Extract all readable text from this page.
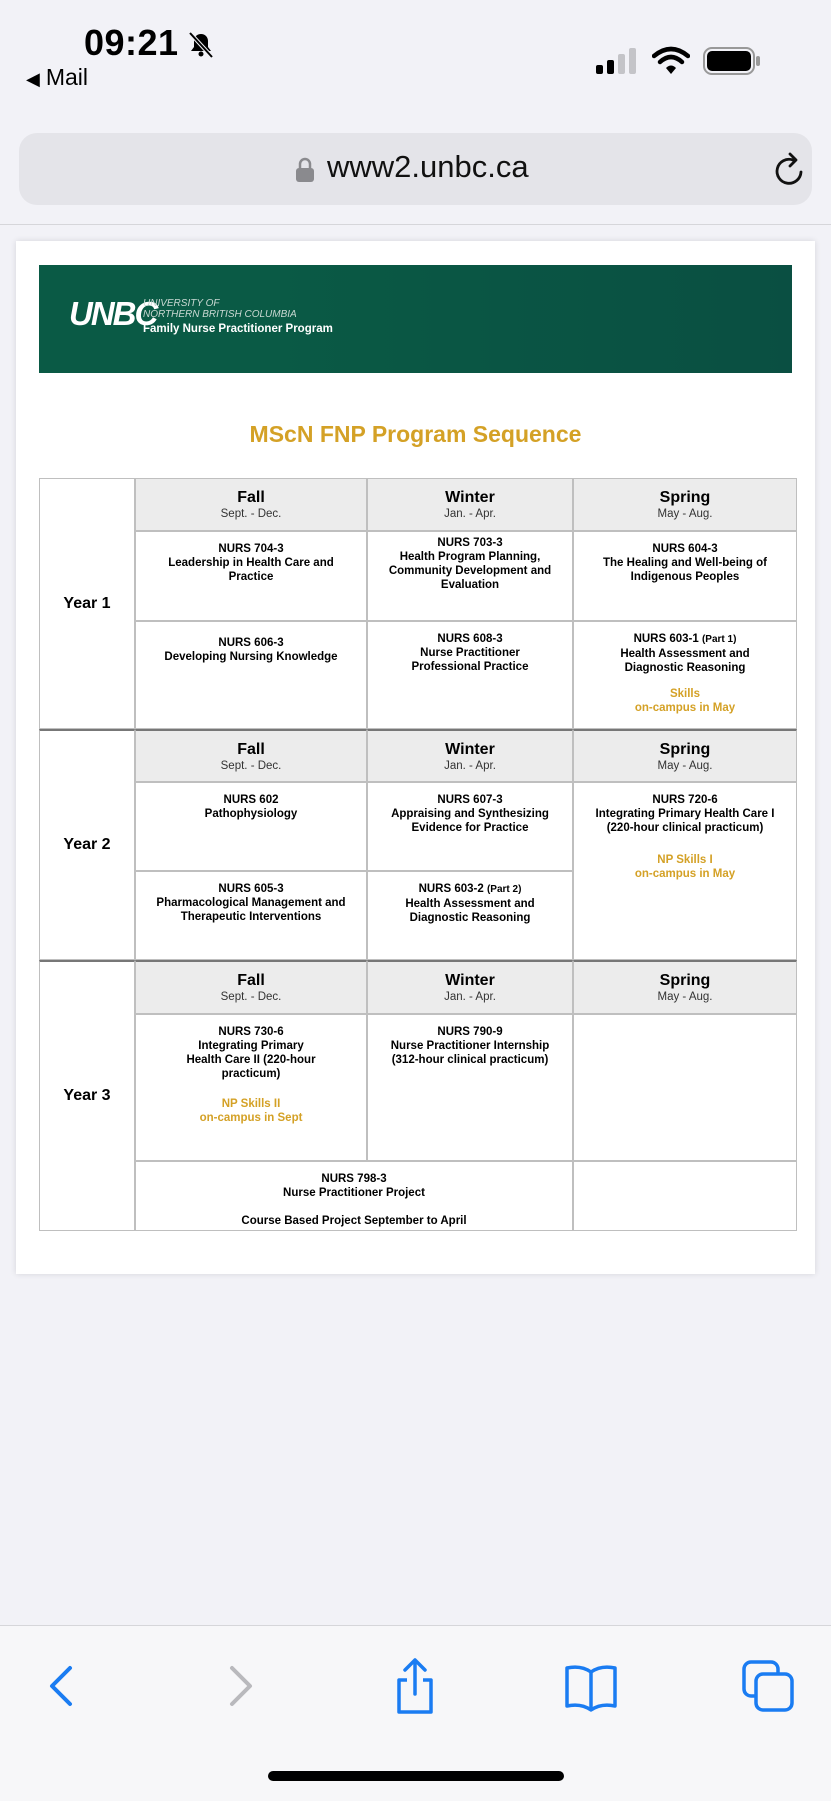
09:21
◀ Mail
www2.unbc.ca
UNBC
UNIVERSITY OF
NORTHERN BRITISH COLUMBIA
Family Nurse Practitioner Program
MScN FNP Program Sequence
Year 1
Fall
Sept. - Dec.
Winter
Jan. - Apr.
Spring
May - Aug.
NURS 704-3
Leadership in Health Care and Practice
NURS 703-3
Health Program Planning, Community Development and Evaluation
NURS 604-3
The Healing and Well-being of Indigenous Peoples
NURS 606-3
Developing Nursing Knowledge
NURS 608-3
Nurse Practitioner Professional Practice
NURS 603-1 (Part 1)
Health Assessment and Diagnostic Reasoning
Skills
on-campus in May
Year 2
Fall
Sept. - Dec.
Winter
Jan. - Apr.
Spring
May - Aug.
NURS 602
Pathophysiology
NURS 607-3
Appraising and Synthesizing Evidence for Practice
NURS 720-6
Integrating Primary Health Care I (220-hour clinical practicum)
NP Skills I
on-campus in May
NURS 605-3
Pharmacological Management and Therapeutic Interventions
NURS 603-2 (Part 2)
Health Assessment and Diagnostic Reasoning
Year 3
Fall
Sept. - Dec.
Winter
Jan. - Apr.
Spring
May - Aug.
NURS 730-6
Integrating Primary Health Care II (220-hour practicum)
NP Skills II
on-campus in Sept
NURS 790-9
Nurse Practitioner Internship (312-hour clinical practicum)
NURS 798-3
Nurse Practitioner Project
Course Based Project September to April
